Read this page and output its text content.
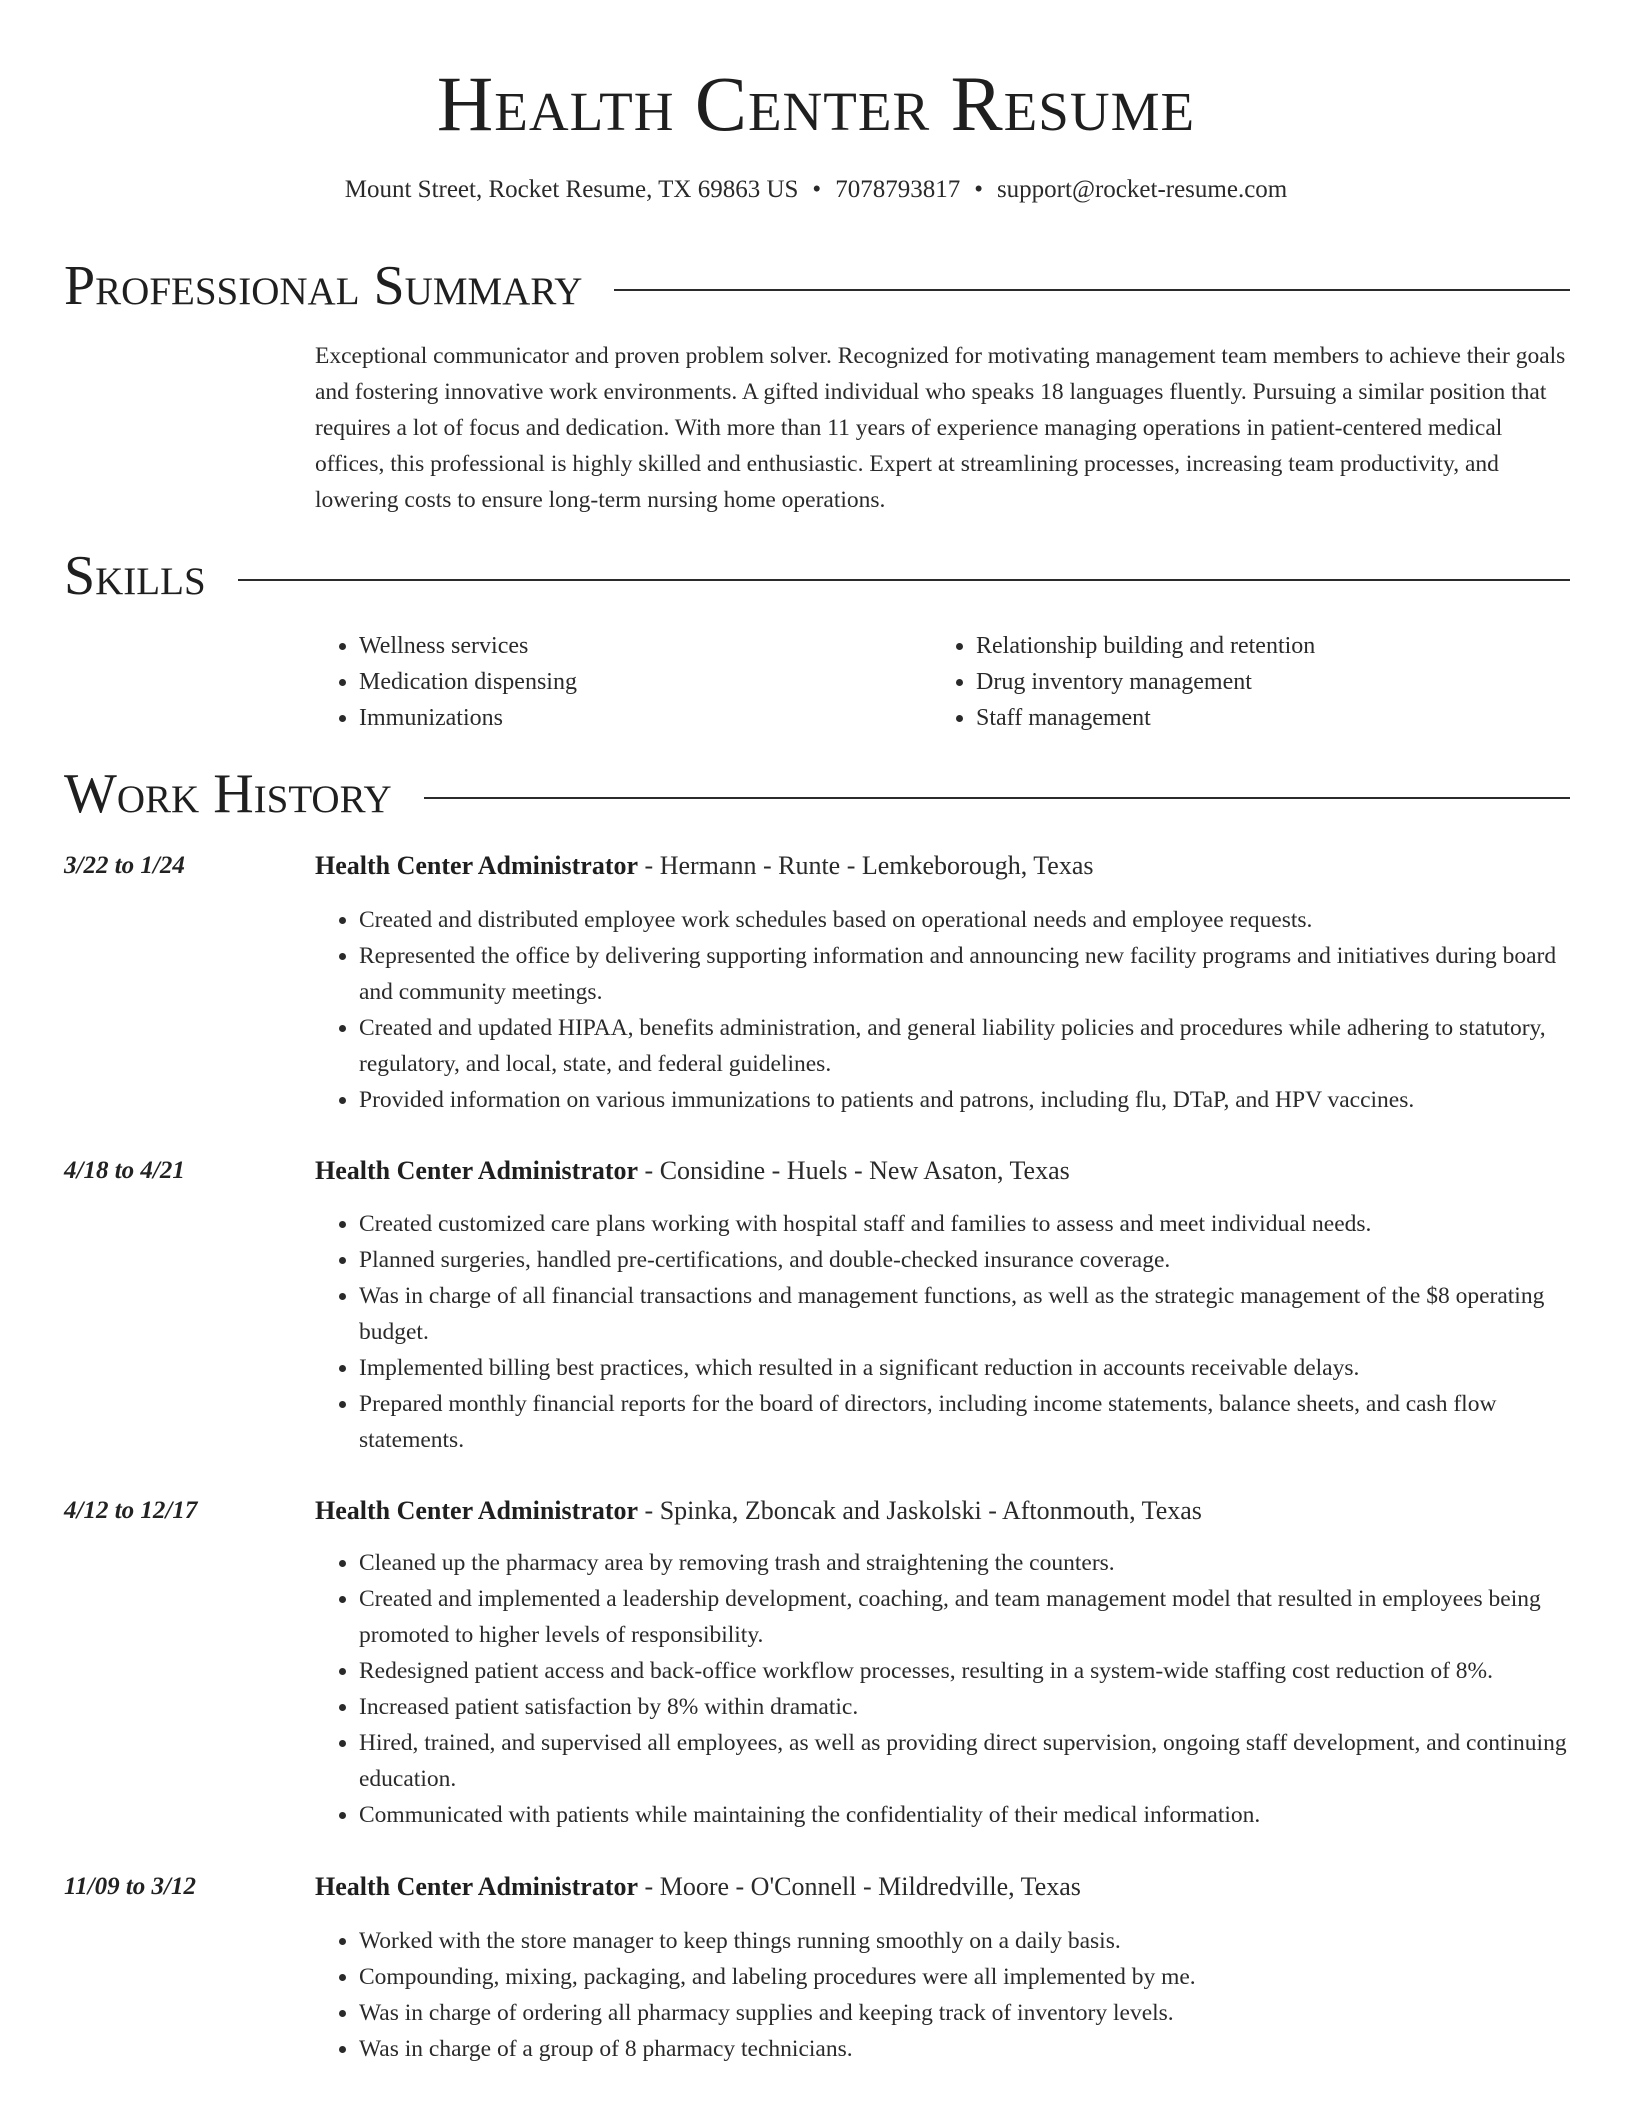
Health Center Resume
Mount Street, Rocket Resume, TX 69863 US • 7078793817 • support@rocket-resume.com
Professional Summary

Exceptional communicator and proven problem solver. Recognized for motivating management team members to achieve their goals and fostering innovative work environments. A gifted individual who speaks 18 languages fluently. Pursuing a similar position that requires a lot of focus and dedication. With more than 11 years of experience managing operations in patient-centered medical offices, this professional is highly skilled and enthusiastic. Expert at streamlining processes, increasing team productivity, and lowering costs to ensure long-term nursing home operations.

Skills
• Wellness services
• Medication dispensing
• Immunizations
• Relationship building and retention
• Drug inventory management
• Staff management
Work History
3/22 to 1/24	Health Center Administrator - Hermann - Runte - Lemkeborough, Texas
• Created and distributed employee work schedules based on operational needs and employee requests.
• Represented the office by delivering supporting information and announcing new facility programs and initiatives during board and community meetings.
• Created and updated HIPAA, benefits administration, and general liability policies and procedures while adhering to statutory, regulatory, and local, state, and federal guidelines.
• Provided information on various immunizations to patients and patrons, including flu, DTaP, and HPV vaccines.
4/18 to 4/21	Health Center Administrator - Considine - Huels - New Asaton, Texas
• Created customized care plans working with hospital staff and families to assess and meet individual needs.
• Planned surgeries, handled pre-certifications, and double-checked insurance coverage.
• Was in charge of all financial transactions and management functions, as well as the strategic management of the $8 operating budget.
• Implemented billing best practices, which resulted in a significant reduction in accounts receivable delays.
• Prepared monthly financial reports for the board of directors, including income statements, balance sheets, and cash flow statements.
4/12 to 12/17	Health Center Administrator - Spinka, Zboncak and Jaskolski - Aftonmouth, Texas
• Cleaned up the pharmacy area by removing trash and straightening the counters.
• Created and implemented a leadership development, coaching, and team management model that resulted in employees being promoted to higher levels of responsibility.
• Redesigned patient access and back-office workflow processes, resulting in a system-wide staffing cost reduction of 8%.
• Increased patient satisfaction by 8% within dramatic.
• Hired, trained, and supervised all employees, as well as providing direct supervision, ongoing staff development, and continuing education.
• Communicated with patients while maintaining the confidentiality of their medical information.
11/09 to 3/12	Health Center Administrator - Moore - O'Connell - Mildredville, Texas
• Worked with the store manager to keep things running smoothly on a daily basis.
• Compounding, mixing, packaging, and labeling procedures were all implemented by me.
• Was in charge of ordering all pharmacy supplies and keeping track of inventory levels.
• Was in charge of a group of 8 pharmacy technicians.
